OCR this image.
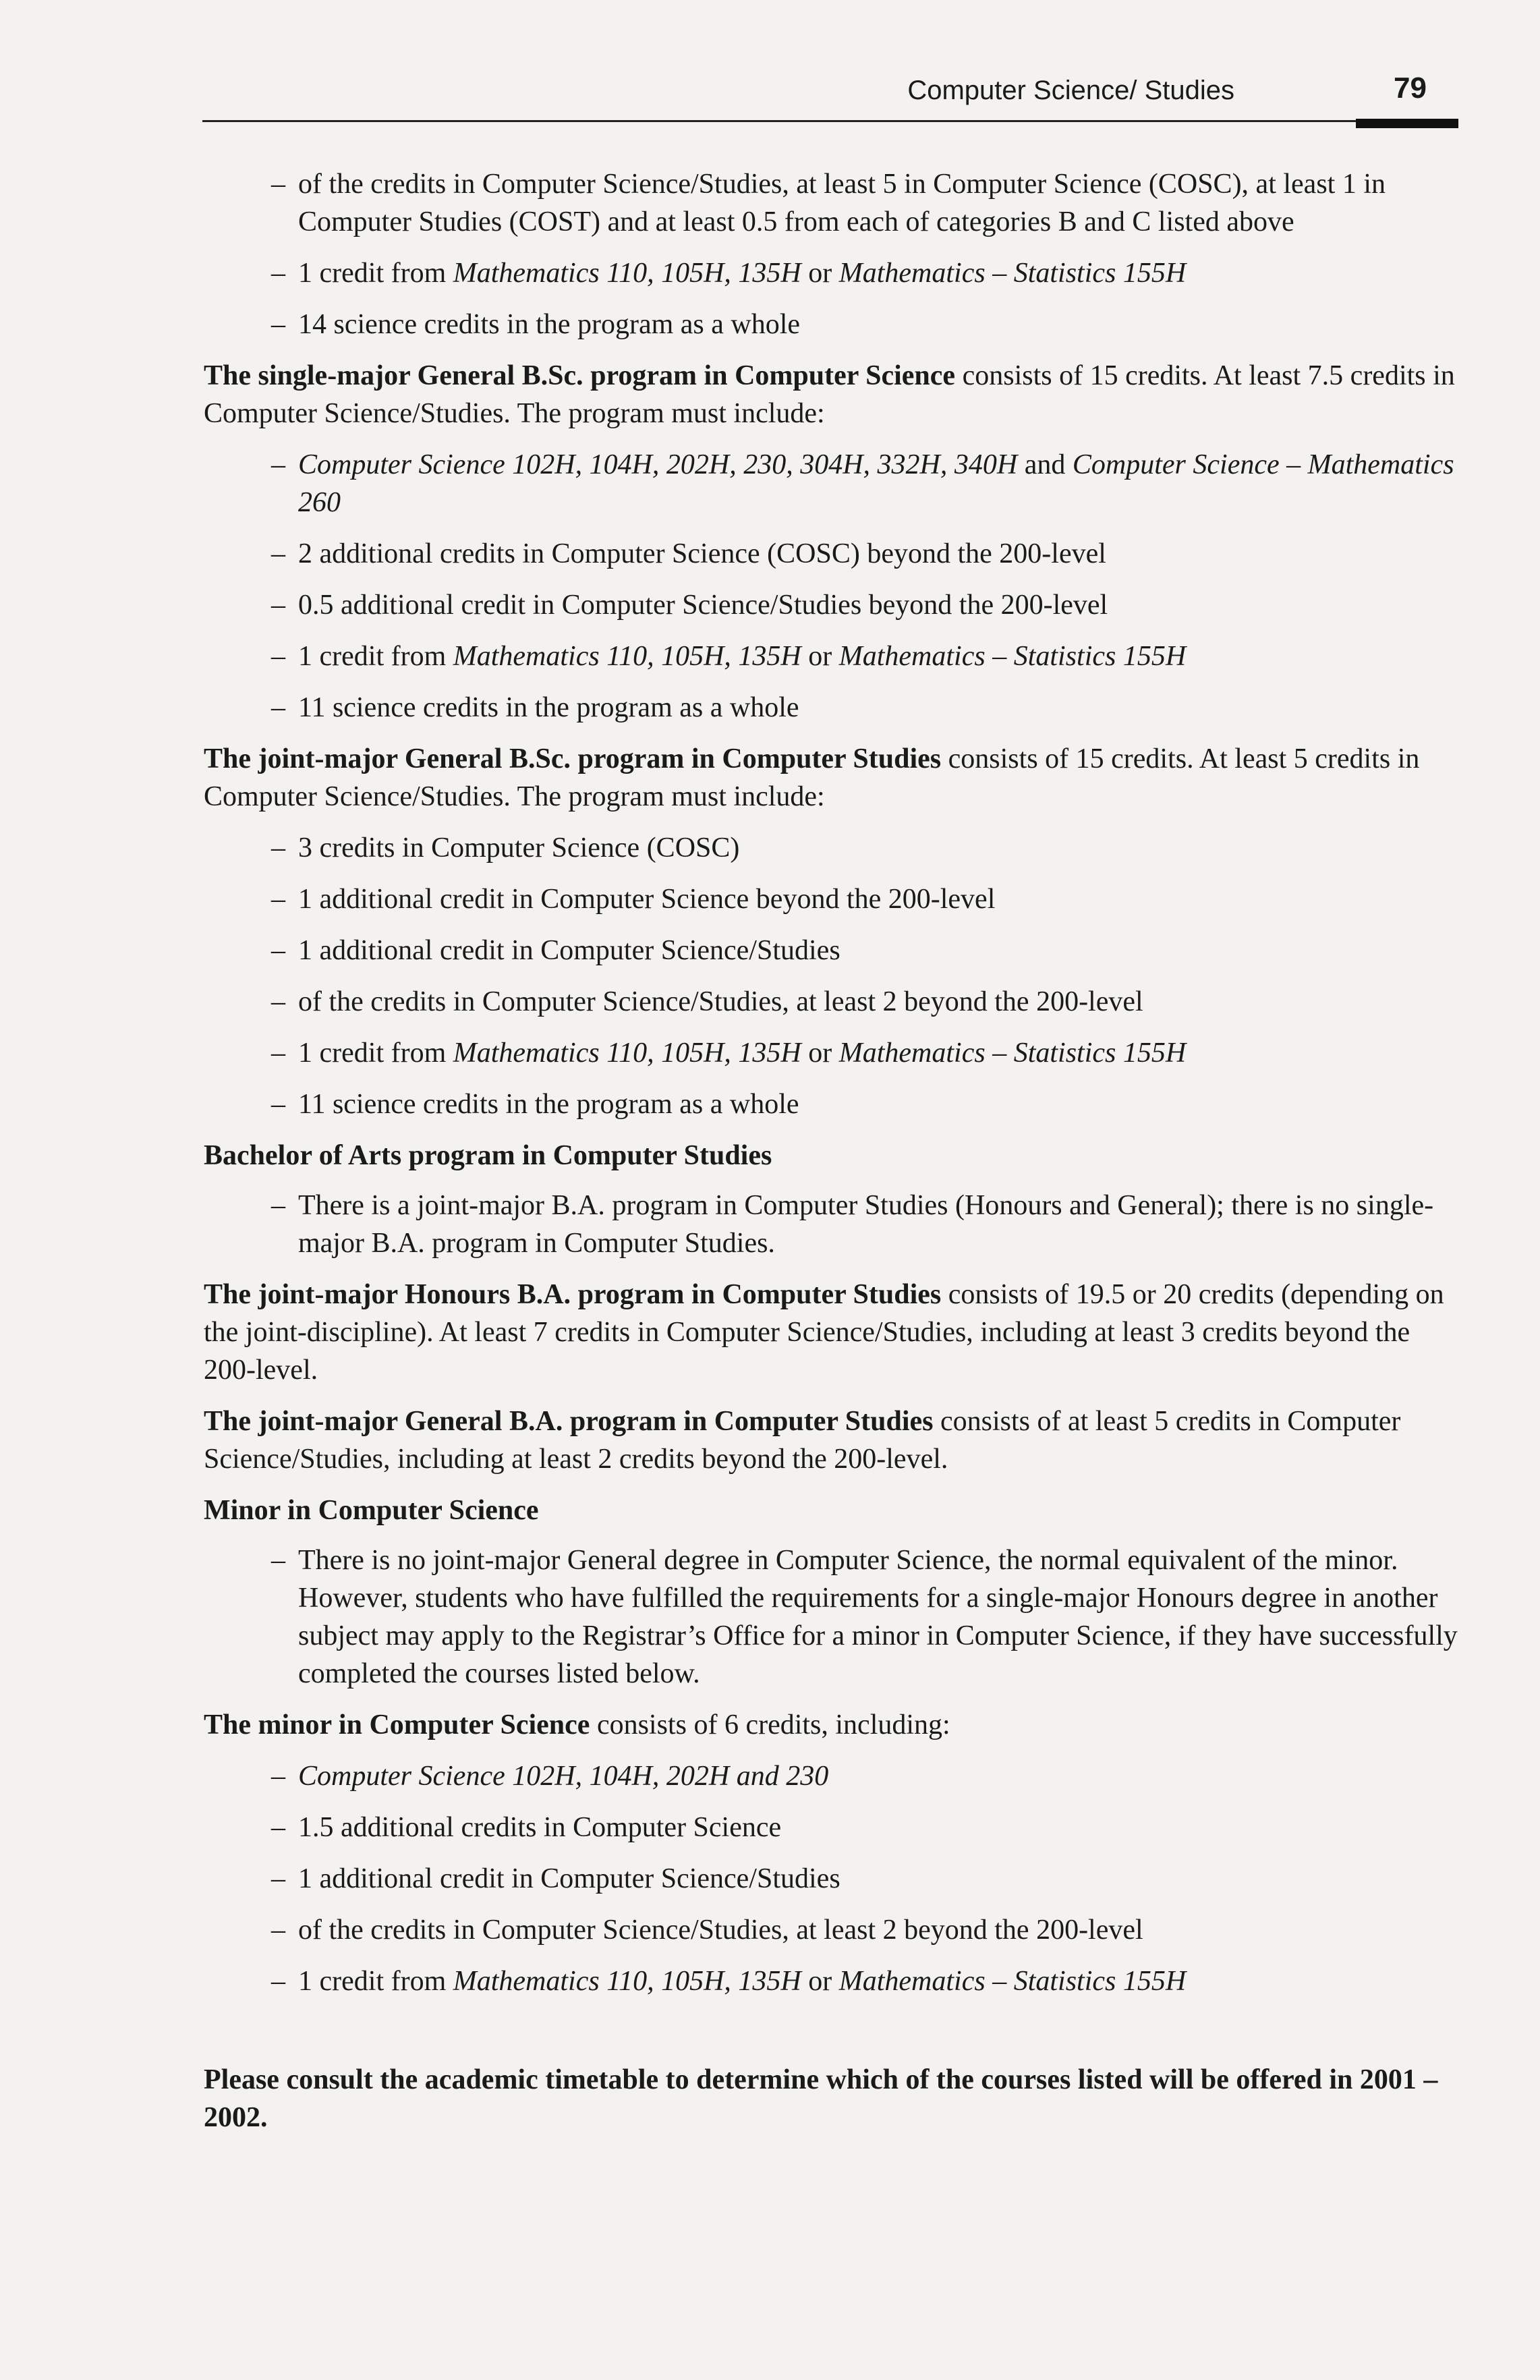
Computer Science/ Studies	79
– of the credits in Computer Science/Studies, at least 5 in Computer Science (COSC), at least 1 in Computer Studies (COST) and at least 0.5 from each of categories B and C listed above
– 1 credit from Mathematics 110, 105H, 135H or Mathematics – Statistics 155H
– 14 science credits in the program as a whole

The single-major General B.Sc. program in Computer Science consists of 15 credits. At least 7.5 credits in Computer Science/Studies. The program must include:

– Computer Science 102H, 104H, 202H, 230, 304H, 332H, 340H and Computer Science – Mathematics 260
– 2 additional credits in Computer Science (COSC) beyond the 200-level
– 0.5 additional credit in Computer Science/Studies beyond the 200-level
– 1 credit from Mathematics 110, 105H, 135H or Mathematics – Statistics 155H
– 11 science credits in the program as a whole

The joint-major General B.Sc. program in Computer Studies consists of 15 credits. At least 5 credits in Computer Science/Studies. The program must include:

– 3 credits in Computer Science (COSC)
– 1 additional credit in Computer Science beyond the 200-level
– 1 additional credit in Computer Science/Studies
– of the credits in Computer Science/Studies, at least 2 beyond the 200-level
– 1 credit from Mathematics 110, 105H, 135H or Mathematics – Statistics 155H
– 11 science credits in the program as a whole

Bachelor of Arts program in Computer Studies

– There is a joint-major B.A. program in Computer Studies (Honours and General); there is no single-major B.A. program in Computer Studies.

The joint-major Honours B.A. program in Computer Studies consists of 19.5 or 20 credits (depending on the joint-discipline). At least 7 credits in Computer Science/Studies, including at least 3 credits beyond the 200-level.

The joint-major General B.A. program in Computer Studies consists of at least 5 credits in Computer Science/Studies, including at least 2 credits beyond the 200-level.

Minor in Computer Science

– There is no joint-major General degree in Computer Science, the normal equivalent of the minor. However, students who have fulfilled the requirements for a single-major Honours degree in another subject may apply to the Registrar’s Office for a minor in Computer Science, if they have successfully completed the courses listed below.

The minor in Computer Science consists of 6 credits, including:

– Computer Science 102H, 104H, 202H and 230
– 1.5 additional credits in Computer Science
– 1 additional credit in Computer Science/Studies
– of the credits in Computer Science/Studies, at least 2 beyond the 200-level
– 1 credit from Mathematics 110, 105H, 135H or Mathematics – Statistics 155H

Please consult the academic timetable to determine which of the courses listed will be offered in 2001 – 2002.
